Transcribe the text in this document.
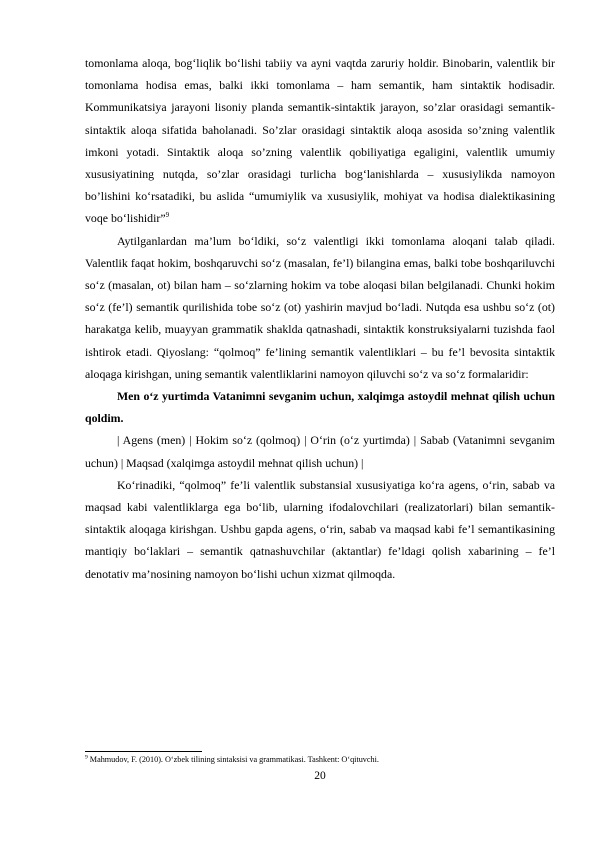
tomonlama aloqa, bog‘liqlik bo‘lishi tabiiy va ayni vaqtda zaruriy holdir. Binobarin, valentlik bir tomonlama hodisa emas, balki ikki tomonlama – ham semantik, ham sintaktik hodisadir. Kommunikatsiya jarayoni lisoniy planda semantik-sintaktik jarayon, so’zlar orasidagi semantik-sintaktik aloqa sifatida baholanadi. So’zlar orasidagi sintaktik aloqa asosida so’zning valentlik imkoni yotadi. Sintaktik aloqa so’zning valentlik qobiliyatiga egaligini, valentlik umumiy xususiyatining nutqda, so’zlar orasidagi turlicha bog‘lanishlarda – xususiylikda namoyon bo’lishini ko‘rsatadiki, bu aslida “umumiylik va xususiylik, mohiyat va hodisa dialektikasining voqe bo‘lishidir”$^9$

Aytilganlardan ma’lum bo‘ldiki, so‘z valentligi ikki tomonlama aloqani talab qiladi. Valentlik faqat hokim, boshqaruvchi so‘z (masalan, fe’l) bilangina emas, balki tobe boshqariluvchi so‘z (masalan, ot) bilan ham – so‘zlarning hokim va tobe aloqasi bilan belgilanadi. Chunki hokim so‘z (fe’l) semantik qurilishida tobe so‘z (ot) yashirin mavjud bo‘ladi. Nutqda esa ushbu so‘z (ot) harakatga kelib, muayyan grammatik shaklda qatnashadi, sintaktik konstruksiyalarni tuzishda faol ishtirok etadi. Qiyoslang: “qolmoq” fe’lining semantik valentliklari – bu fe’l bevosita sintaktik aloqaga kirishgan, uning semantik valentliklarini namoyon qiluvchi so‘z va so‘z formalaridir:

Men o‘z yurtimda Vatanimni sevganim uchun, xalqimga astoydil mehnat qilish uchun qoldim.

| Agens (men) | Hokim so‘z (qolmoq) | O‘rin (o‘z yurtimda) | Sabab (Vatanimni sevganim uchun) | Maqsad (xalqimga astoydil mehnat qilish uchun) |

Ko‘rinadiki, “qolmoq” fe’li valentlik substansial xususiyatiga ko‘ra agens, o‘rin, sabab va maqsad kabi valentliklarga ega bo‘lib, ularning ifodalovchilari (realizatorlari) bilan semantik-sintaktik aloqaga kirishgan. Ushbu gapda agens, o‘rin, sabab va maqsad kabi fe’l semantikasining mantiqiy bo‘laklari – semantik qatnashuvchilar (aktantlar) fe’ldagi qolish xabarining – fe’l denotativ ma’nosining namoyon bo‘lishi uchun xizmat qilmoqda.

$^9$ Mahmudov, F. (2010). O‘zbek tilining sintaksisi va grammatikasi. Tashkent: O‘qituvchi.
20
